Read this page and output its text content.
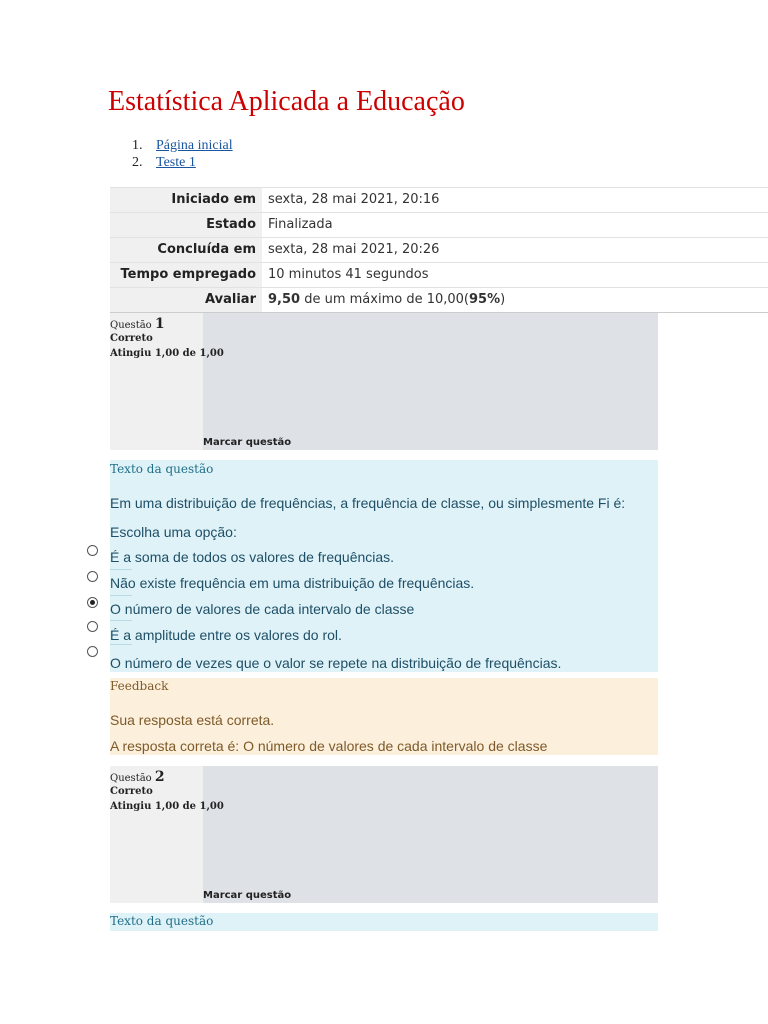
Estatística Aplicada a Educação
1. Página inicial
2. Teste 1
Iniciado em	sexta, 28 mai 2021, 20:16
Estado	Finalizada
Concluída em	sexta, 28 mai 2021, 20:26
Tempo empregado	10 minutos 41 segundos
Avaliar	9,50 de um máximo de 10,00(95%)
Questão 1
Correto
Atingiu 1,00 de 1,00
Marcar questão
Texto da questão
Em uma distribuição de frequências, a frequência de classe, ou simplesmente Fi é:
Escolha uma opção:
É a soma de todos os valores de frequências.
Não existe frequência em uma distribuição de frequências.
O número de valores de cada intervalo de classe
É a amplitude entre os valores do rol.
O número de vezes que o valor se repete na distribuição de frequências.
Feedback
Sua resposta está correta.
A resposta correta é: O número de valores de cada intervalo de classe
Questão 2
Correto
Atingiu 1,00 de 1,00
Marcar questão
Texto da questão
